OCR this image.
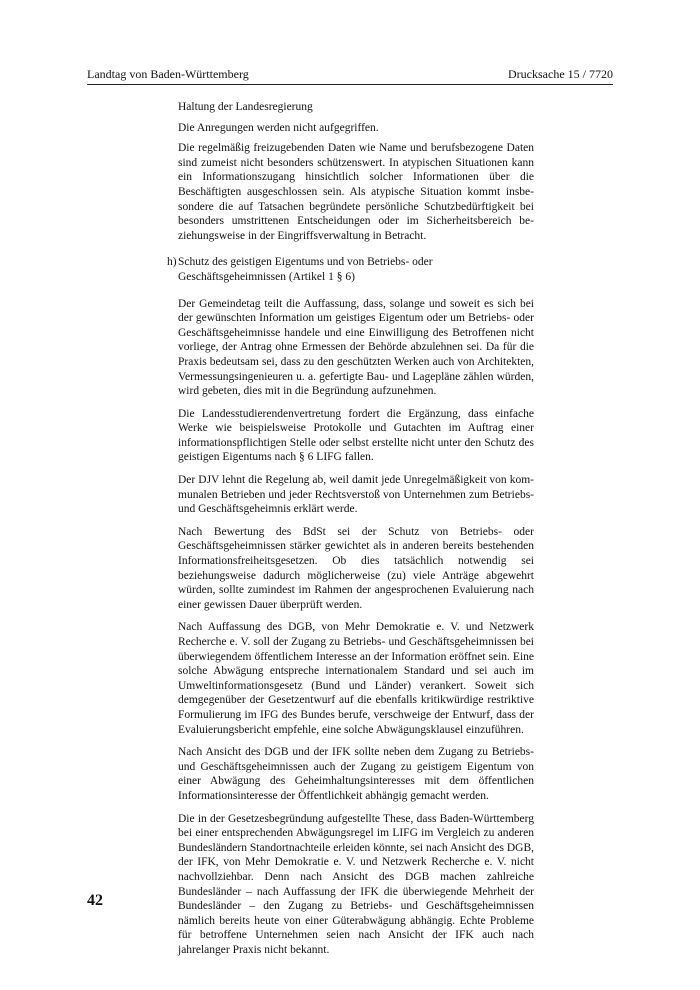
Landtag von Baden-Württemberg	Drucksache 15 / 7720

Haltung der Landesregierung

Die Anregungen werden nicht aufgegriffen.

Die regelmäßig freizugebenden Daten wie Name und berufsbezogene Daten sind zumeist nicht besonders schützenswert. In atypischen Situationen kann ein Informationszugang hinsichtlich solcher Informationen über die Beschäftigten ausgeschlossen sein. Als atypische Situation kommt insbesondere die auf Tatsachen begründete persönliche Schutzbedürftigkeit bei besonders umstrittenen Entscheidungen oder im Sicherheitsbereich beziehungsweise in der Eingriffsverwaltung in Betracht.

h) Schutz des geistigen Eigentums und von Betriebs- oder Geschäftsgeheimnissen (Artikel 1 § 6)

Der Gemeindetag teilt die Auffassung, dass, solange und soweit es sich bei der gewünschten Information um geistiges Eigentum oder um Betriebs- oder Geschäftsgeheimnisse handele und eine Einwilligung des Betroffenen nicht vorliege, der Antrag ohne Ermessen der Behörde abzulehnen sei. Da für die Praxis bedeutsam sei, dass zu den geschützten Werken auch von Architekten, Vermessungsingenieuren u. a. gefertigte Bau- und Lagepläne zählen würden, wird gebeten, dies mit in die Begründung aufzunehmen.

Die Landesstudierendenvertretung fordert die Ergänzung, dass einfache Werke wie beispielsweise Protokolle und Gutachten im Auftrag einer informationspflichtigen Stelle oder selbst erstellte nicht unter den Schutz des geistigen Eigentums nach § 6 LIFG fallen.

Der DJV lehnt die Regelung ab, weil damit jede Unregelmäßigkeit von kommunalen Betrieben und jeder Rechtsverstoß von Unternehmen zum Betriebs- und Geschäftsgeheimnis erklärt werde.

Nach Bewertung des BdSt sei der Schutz von Betriebs- oder Geschäftsgeheimnissen stärker gewichtet als in anderen bereits bestehenden Informationsfreiheitsgesetzen. Ob dies tatsächlich notwendig sei beziehungsweise dadurch möglicherweise (zu) viele Anträge abgewehrt würden, sollte zumindest im Rahmen der angesprochenen Evaluierung nach einer gewissen Dauer überprüft werden.

Nach Auffassung des DGB, von Mehr Demokratie e. V. und Netzwerk Recherche e. V. soll der Zugang zu Betriebs- und Geschäftsgeheimnissen bei überwiegendem öffentlichem Interesse an der Information eröffnet sein. Eine solche Abwägung entspreche internationalem Standard und sei auch im Umweltinformationsgesetz (Bund und Länder) verankert. Soweit sich demgegenüber der Gesetzentwurf auf die ebenfalls kritikwürdige restriktive Formulierung im IFG des Bundes berufe, verschweige der Entwurf, dass der Evaluierungsbericht empfehle, eine solche Abwägungsklausel einzuführen.

Nach Ansicht des DGB und der IFK sollte neben dem Zugang zu Betriebs- und Geschäftsgeheimnissen auch der Zugang zu geistigem Eigentum von einer Abwägung des Geheimhaltungsinteresses mit dem öffentlichen Informationsinteresse der Öffentlichkeit abhängig gemacht werden.

Die in der Gesetzesbegründung aufgestellte These, dass Baden-Württemberg bei einer entsprechenden Abwägungsregel im LIFG im Vergleich zu anderen Bundesländern Standortnachteile erleiden könnte, sei nach Ansicht des DGB, der IFK, von Mehr Demokratie e. V. und Netzwerk Recherche e. V. nicht nachvollziehbar. Denn nach Ansicht des DGB machen zahlreiche Bundesländer – nach Auffassung der IFK die überwiegende Mehrheit der Bundesländer – den Zugang zu Betriebs- und Geschäftsgeheimnissen nämlich bereits heute von einer Güterabwägung abhängig. Echte Probleme für betroffene Unternehmen seien nach Ansicht der IFK auch nach jahrelanger Praxis nicht bekannt.

42
